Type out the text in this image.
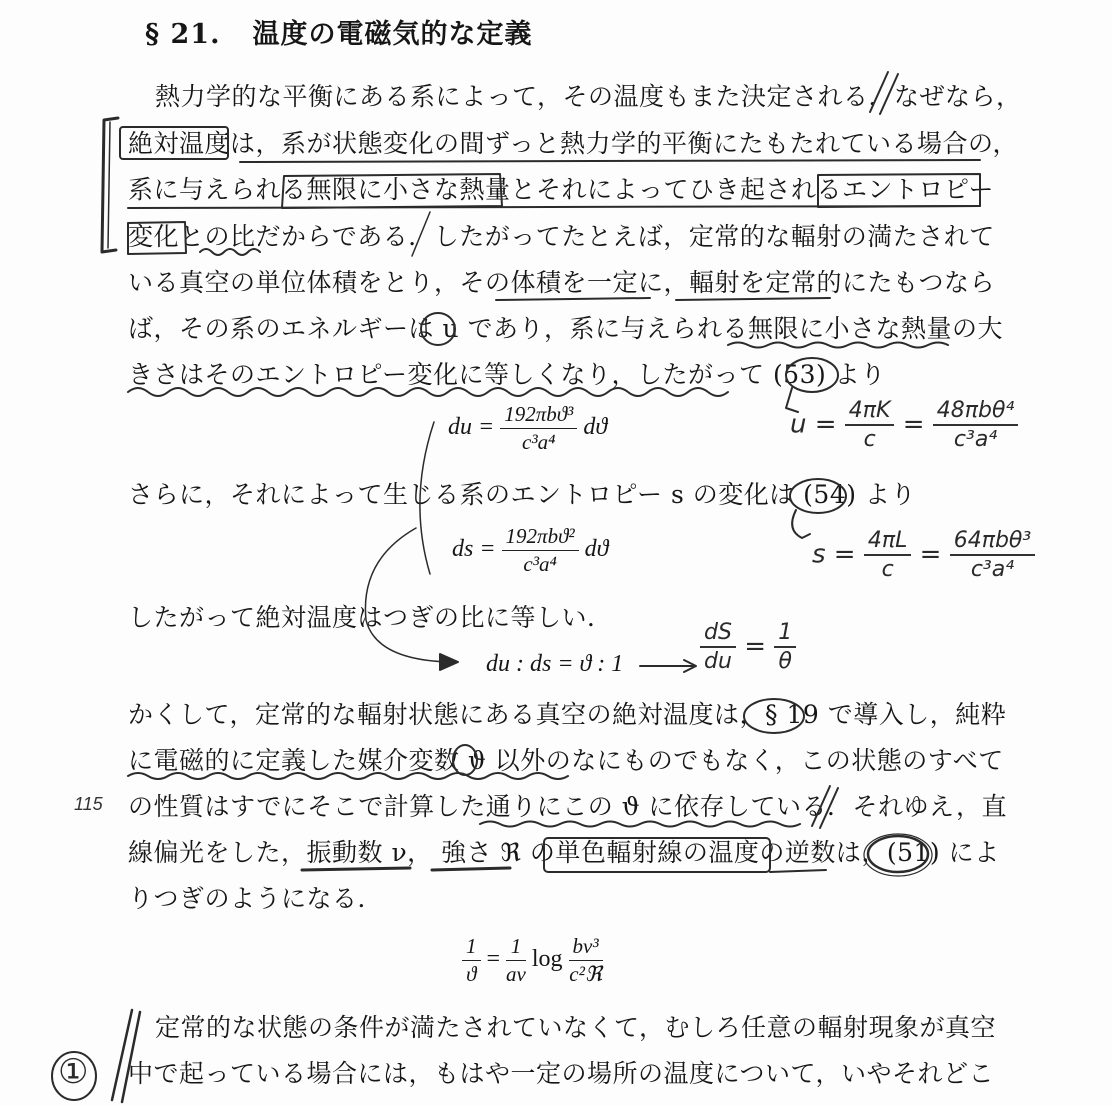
§ 21. 温度の電磁気的な定義
熱力学的な平衡にある系によって，その温度もまた決定される．なぜなら，
絶対温度は，系が状態変化の間ずっと熱力学的平衡にたもたれている場合の，
系に与えられる無限に小さな熱量とそれによってひき起されるエントロピー
変化との比だからである．したがってたとえば，定常的な輻射の満たされて
いる真空の単位体積をとり，その体積を一定に，輻射を定常的にたもつなら
ば，その系のエネルギーは u であり，系に与えられる無限に小さな熱量の大
きさはそのエントロピー変化に等しくなり，したがって (53) より
du = $\frac{\text{192πbϑ³}}{\text{c³a⁴}}$ dϑ
さらに，それによって生じる系のエントロピー s の変化は (54) より
ds = $\frac{\text{192πbϑ²}}{\text{c³a⁴}}$ dϑ
したがって絶対温度はつぎの比に等しい．
du : ds = ϑ : 1
かくして，定常的な輻射状態にある真空の絶対温度は，§ 19 で導入し，純粋
に電磁的に定義した媒介変数 ϑ 以外のなにものでもなく，この状態のすべて
115 の性質はすでにそこで計算した通りにこの ϑ に依存している．それゆえ，直
線偏光をした，振動数 ν， 強さ ℜ の単色輻射線の温度の逆数は，(51) によ
りつぎのようになる．
$\frac{1}{ϑ} = \frac{1}{a\nu}$ $\log \frac{\text{bν³}}{\text{c²ℜ}}$
定常的な状態の条件が満たされていなくて，むしろ任意の輻射現象が真空
中で起っている場合には，もはや一定の場所の温度について，いやそれどこ
$u = \frac{4\pi K}{c} = \frac{\text{48πbθ⁴}}{\text{c³a⁴}}$
$s = \frac{4\pi L}{c} = \frac{\text{64πbθ³}}{\text{c³a⁴}}$
$\frac{dS}{du} = \frac{1}{\theta}$
①
